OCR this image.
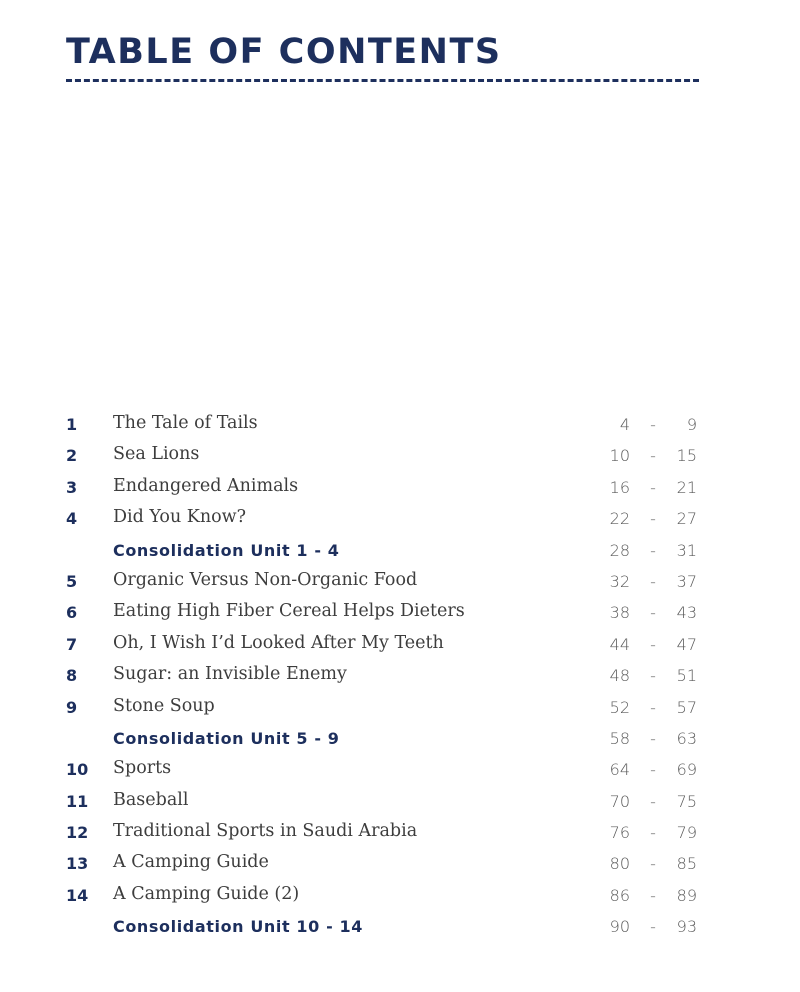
TABLE OF CONTENTS
1 The Tale of Tails	4 -	9
2 Sea Lions	10 -	15
3 Endangered Animals	16 -	21
4 Did You Know?	22 -	27
Consolidation Unit 1 - 4	28 -	31
5 Organic Versus Non-Organic Food	32 -	37
6 Eating High Fiber Cereal Helps Dieters	38 -	43
7 Oh, I Wish I’d Looked After My Teeth	44 -	47
8 Sugar: an Invisible Enemy	48 -	51
9 Stone Soup	52 -	57
Consolidation Unit 5 - 9	58 -	63
10 Sports	64 -	69
11 Baseball	70 -	75
12 Traditional Sports in Saudi Arabia	76 -	79
13 A Camping Guide	80 -	85
14 A Camping Guide (2)	86 -	89
Consolidation Unit 10 - 14	90 -	93
